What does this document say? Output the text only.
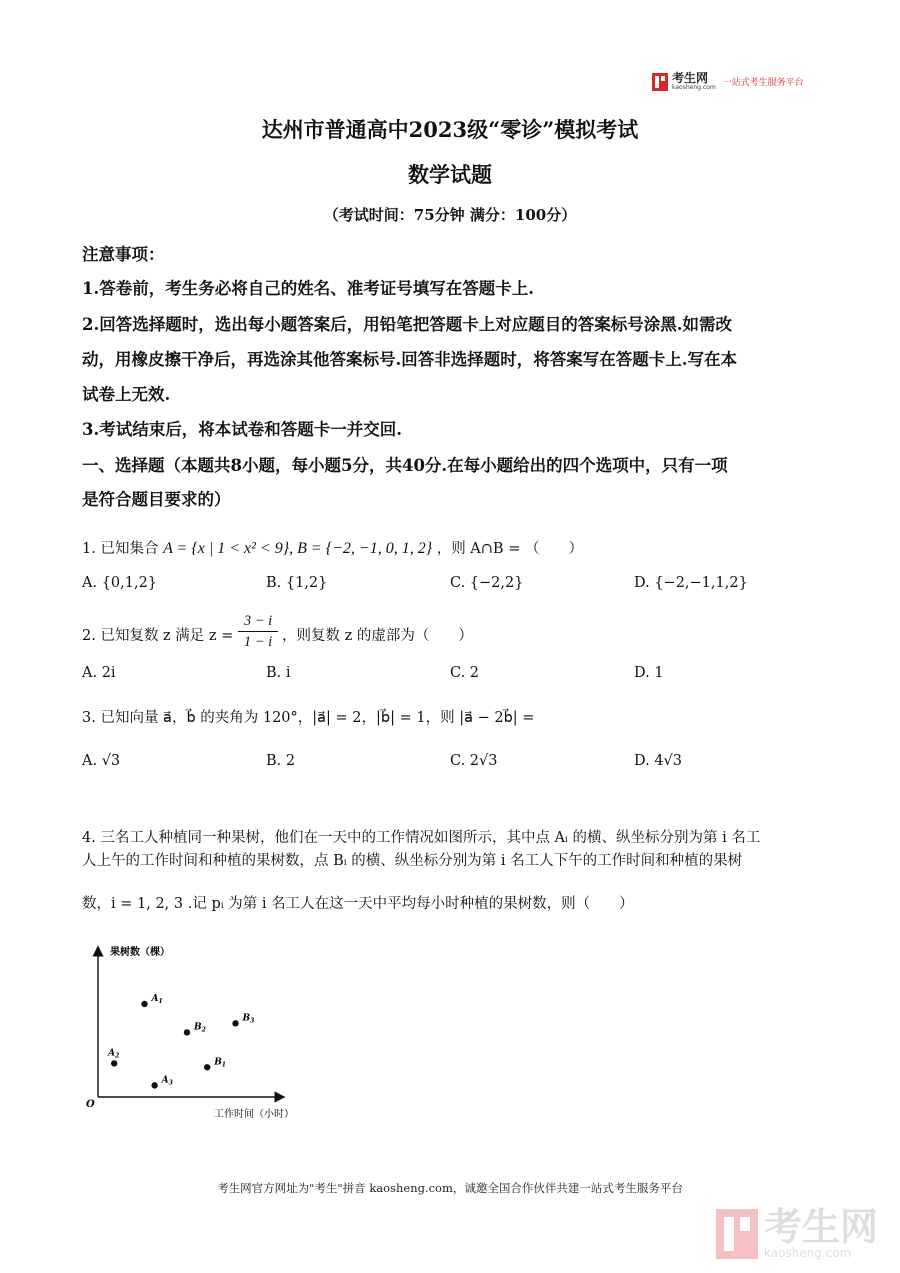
考生网
kaosheng.com 一站式考生服务平台
达州市普通高中2023级“零诊”模拟考试
数学试题
（考试时间：75分钟 满分：100分）
注意事项：
1.答卷前，考生务必将自己的姓名、准考证号填写在答题卡上.
2.回答选择题时，选出每小题答案后，用铅笔把答题卡上对应题目的答案标号涂黑.如需改
动，用橡皮擦干净后，再选涂其他答案标号.回答非选择题时，将答案写在答题卡上.写在本
试卷上无效.
3.考试结束后，将本试卷和答题卡一并交回.
一、选择题（本题共8小题，每小题5分，共40分.在每小题给出的四个选项中，只有一项
是符合题目要求的）
1. 已知集合 A = {x | 1 < x² < 9}, B = {−2, −1, 0, 1, 2} ，则 A∩B = （　　）
A. {0,1,2}	B. {1,2}	C. {−2,2}	D. {−2,−1,1,2}
2. 已知复数 z 满足 $z = \frac{3 - i}{1 - i}$ ，则复数 z 的虚部为（　　）
A. 2i	B. i	C. 2	D. 1
3. 已知向量 a⃗，b⃗ 的夹角为 120°，|a⃗| = 2，|b⃗| = 1，则 |a⃗ − 2b⃗| =
A. √3	B. 2	C. 2√3	D. 4√3
4. 三名工人种植同一种果树，他们在一天中的工作情况如图所示，其中点 Aᵢ 的横、纵坐标分别为第 i 名工
人上午的工作时间和种植的果树数，点 Bᵢ 的横、纵坐标分别为第 i 名工人下午的工作时间和种植的果树
数，i = 1, 2, 3 .记 pᵢ 为第 i 名工人在这一天中平均每小时种植的果树数，则（　　）
果树数（棵）
工作时间（小时）
O
$A_1$
$A_2$
$A_3$
$B_1$
$B_2$
$B_3$
考生网官方网址为"考生"拼音 kaosheng.com，诚邀全国合作伙伴共建一站式考生服务平台
考生网
kaosheng.com
